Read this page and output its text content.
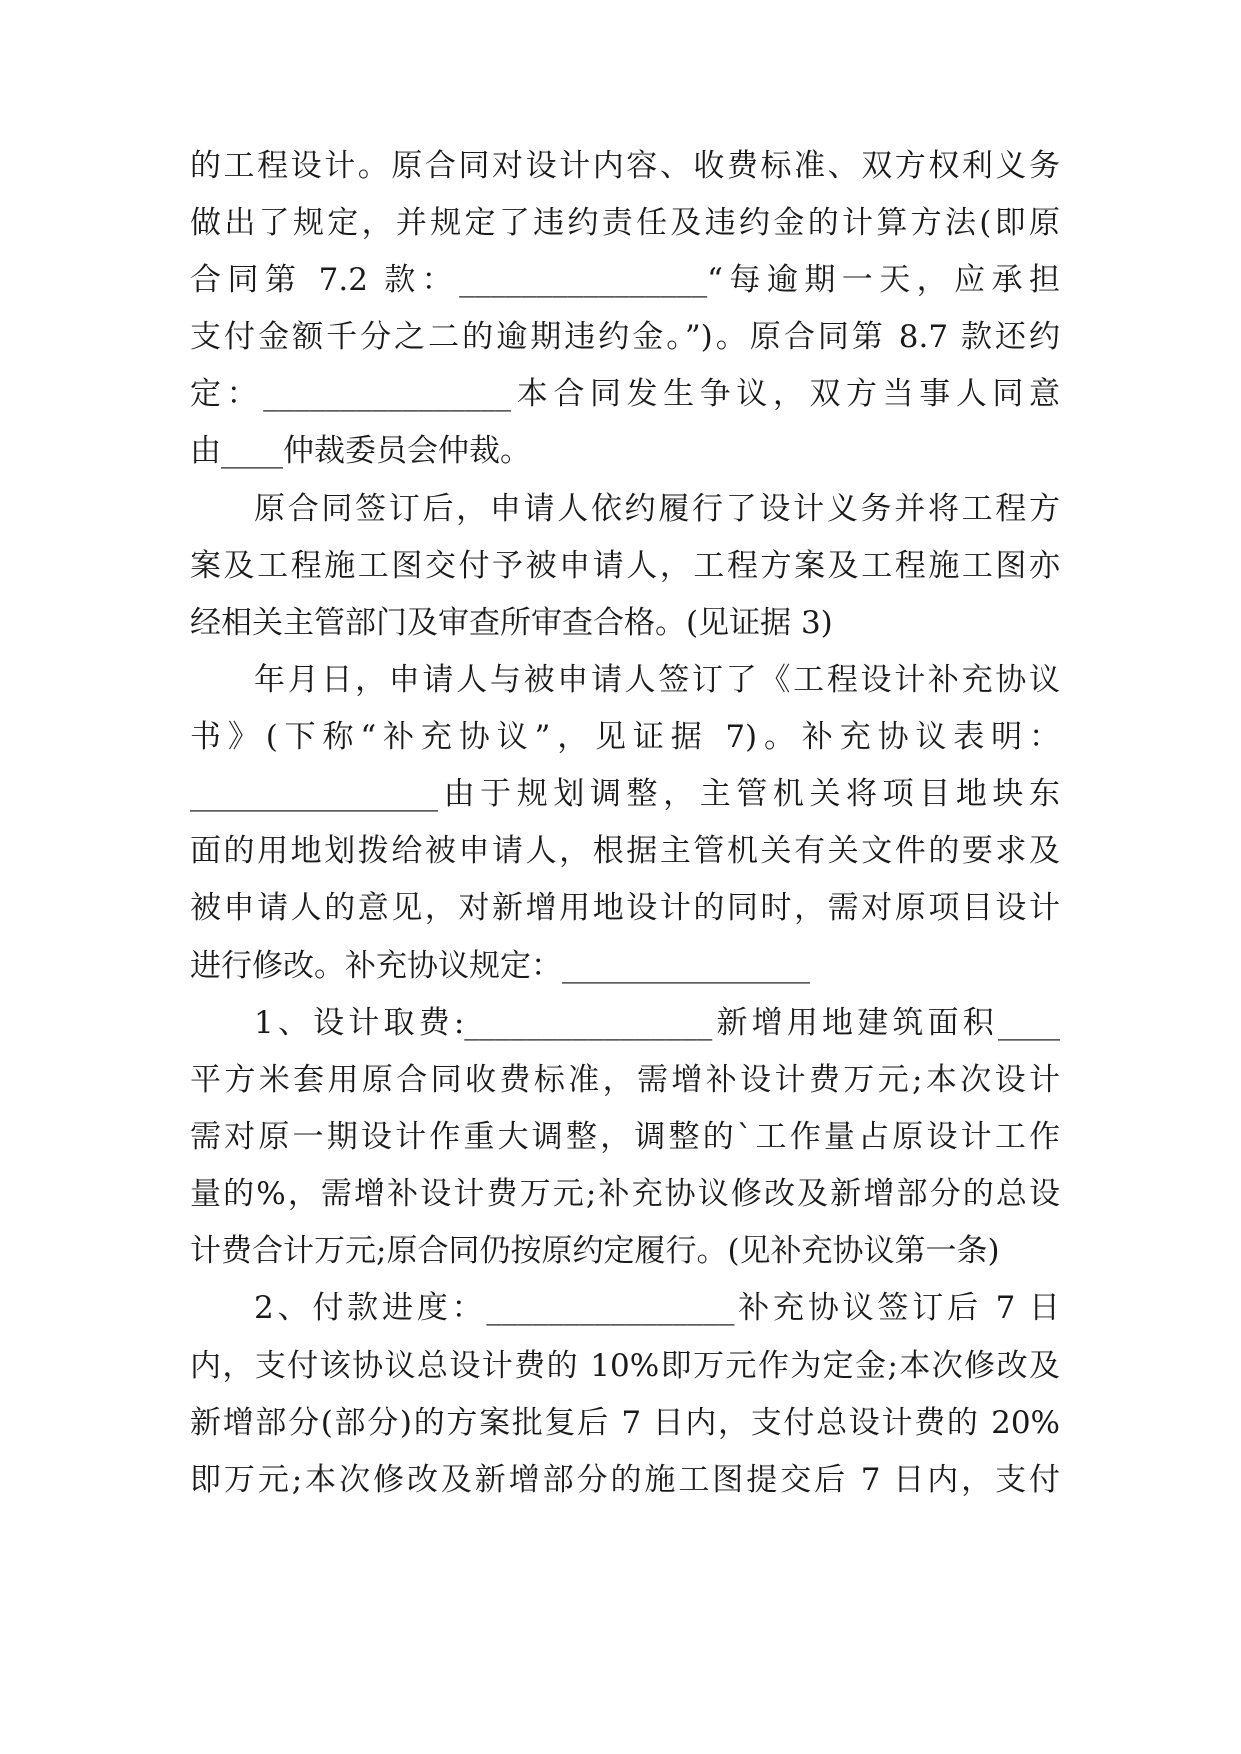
的工程设计。原合同对设计内容、收费标准、双方权利义务
做出了规定，并规定了违约责任及违约金的计算方法(即原
合同第 7.2 款：________________“每逾期一天，应承担
支付金额千分之二的逾期违约金。”)。原合同第 8.7 款还约
定：________________本合同发生争议，双方当事人同意
由____仲裁委员会仲裁。
原合同签订后，申请人依约履行了设计义务并将工程方
案及工程施工图交付予被申请人，工程方案及工程施工图亦
经相关主管部门及审查所审查合格。(见证据 3)
年月日，申请人与被申请人签订了《工程设计补充协议
书》(下称“补充协议”，见证据 7)。补充协议表明：
________________由于规划调整，主管机关将项目地块东
面的用地划拨给被申请人，根据主管机关有关文件的要求及
被申请人的意见，对新增用地设计的同时，需对原项目设计
进行修改。补充协议规定：________________
1、设计取费:________________新增用地建筑面积____
平方米套用原合同收费标准，需增补设计费万元;本次设计
需对原一期设计作重大调整，调整的`工作量占原设计工作
量的%，需增补设计费万元;补充协议修改及新增部分的总设
计费合计万元;原合同仍按原约定履行。(见补充协议第一条)
2、付款进度：________________补充协议签订后 7 日
内，支付该协议总设计费的 10%即万元作为定金;本次修改及
新增部分(部分)的方案批复后 7 日内，支付总设计费的 20%
即万元;本次修改及新增部分的施工图提交后 7 日内，支付
